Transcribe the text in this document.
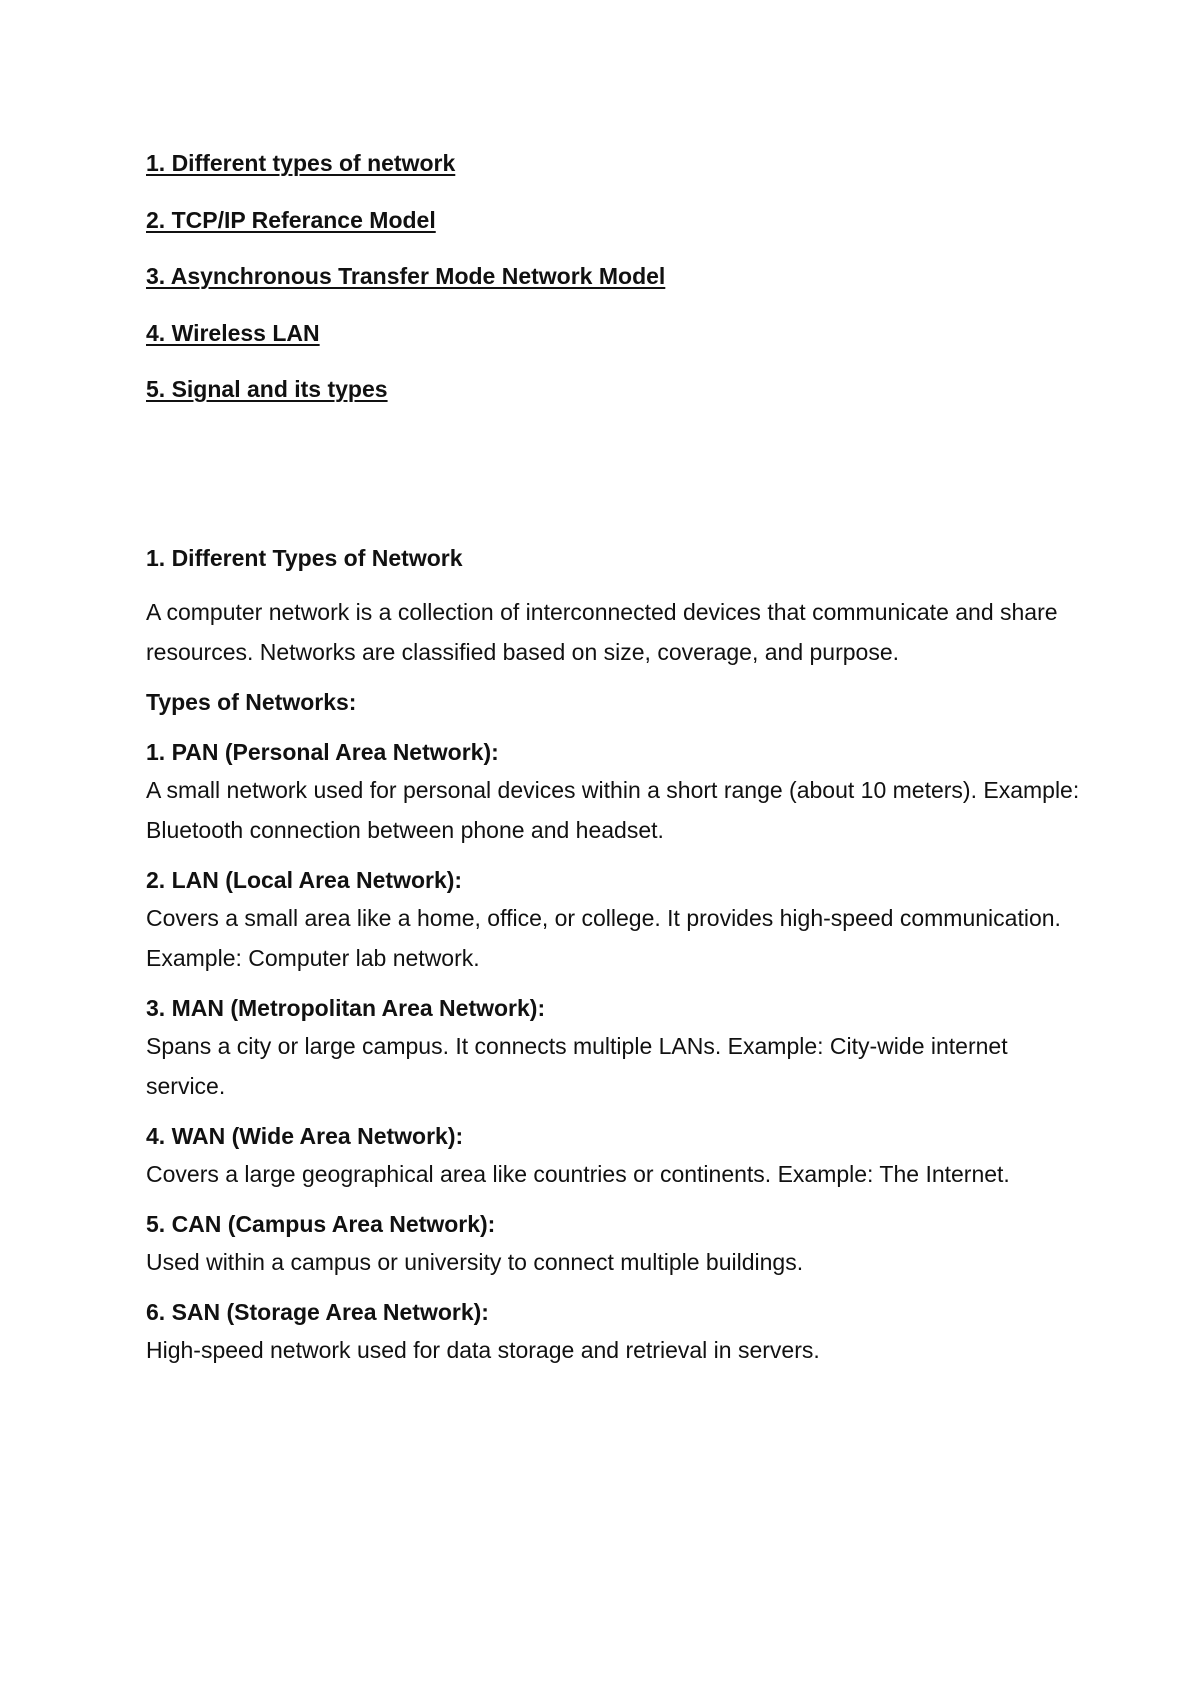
1. Different types of network
2. TCP/IP Referance Model
3. Asynchronous Transfer Mode Network Model
4. Wireless LAN
5. Signal and its types

1. Different Types of Network

A computer network is a collection of interconnected devices that communicate and share resources. Networks are classified based on size, coverage, and purpose.

Types of Networks:

1. PAN (Personal Area Network):

A small network used for personal devices within a short range (about 10 meters). Example: Bluetooth connection between phone and headset.

2. LAN (Local Area Network):

Covers a small area like a home, office, or college. It provides high-speed communication. Example: Computer lab network.

3. MAN (Metropolitan Area Network):

Spans a city or large campus. It connects multiple LANs. Example: City-wide internet service.

4. WAN (Wide Area Network):

Covers a large geographical area like countries or continents. Example: The Internet.

5. CAN (Campus Area Network):

Used within a campus or university to connect multiple buildings.

6. SAN (Storage Area Network):

High-speed network used for data storage and retrieval in servers.
